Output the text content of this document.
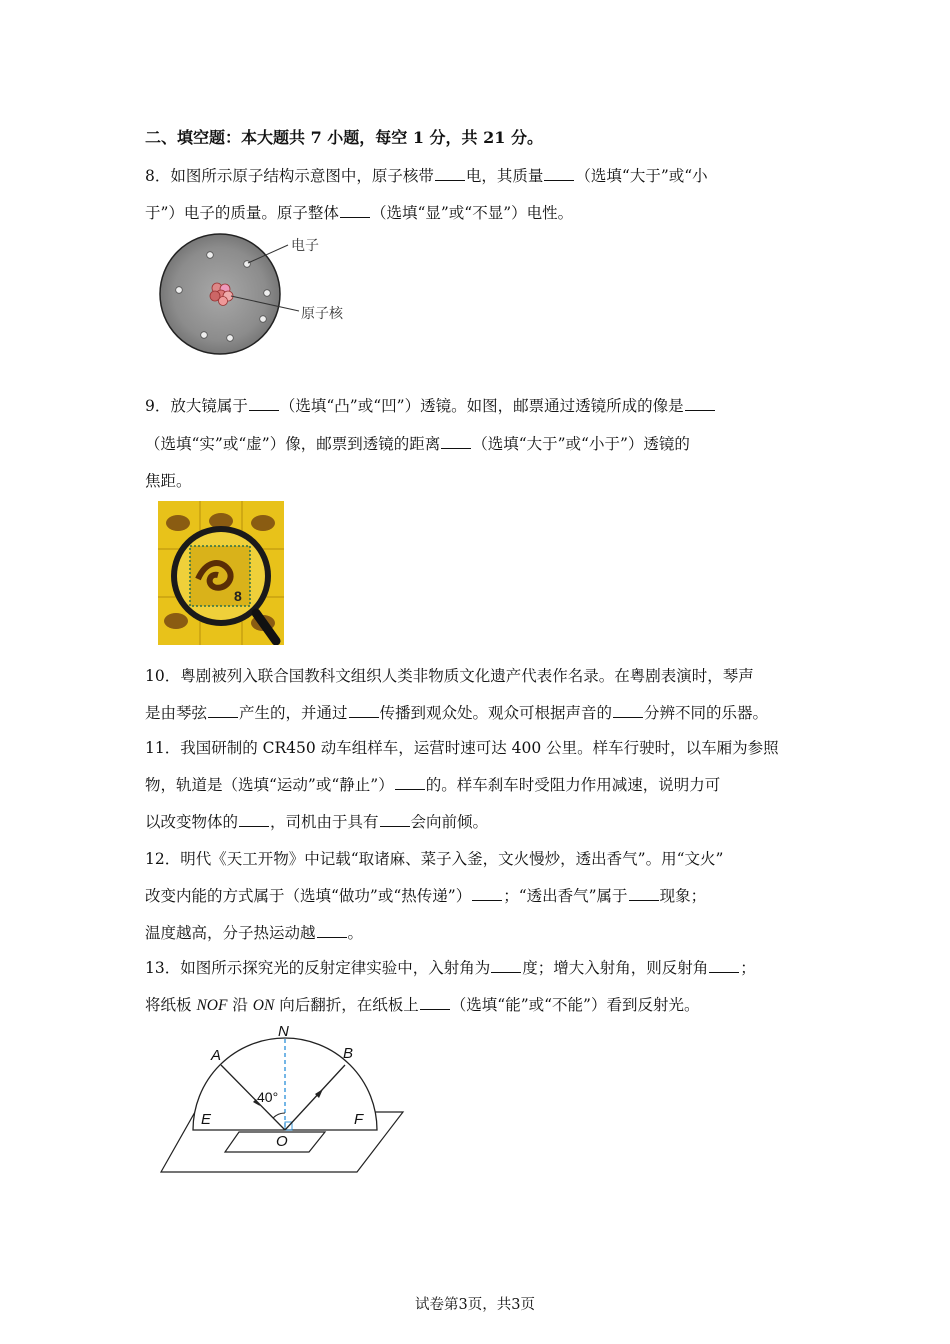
二、填空题：本大题共 7 小题，每空 1 分，共 21 分。
8．如图所示原子结构示意图中，原子核带 电，其质量 （选填“大于”或“小
于”）电子的质量。原子整体 （选填“显”或“不显”）电性。
电子
原子核
9．放大镜属于 （选填“凸”或“凹”）透镜。如图，邮票通过透镜所成的像是
（选填“实”或“虚”）像，邮票到透镜的距离 （选填“大于”或“小于”）透镜的
焦距。
8
10．粤剧被列入联合国教科文组织人类非物质文化遗产代表作名录。在粤剧表演时，琴声
是由琴弦 产生的，并通过 传播到观众处。观众可根据声音的 分辨不同的乐器。
11．我国研制的 CR450 动车组样车，运营时速可达 400 公里。样车行驶时，以车厢为参照
物，轨道是（选填“运动”或“静止”） 的。样车刹车时受阻力作用减速，说明力可
以改变物体的 ，司机由于具有 会向前倾。
12．明代《天工开物》中记载“取诸麻、菜子入釜，文火慢炒，透出香气”。用“文火”
改变内能的方式属于（选填“做功”或“热传递”） ；“透出香气”属于 现象；
温度越高，分子热运动越 。
13．如图所示探究光的反射定律实验中，入射角为 度；增大入射角，则反射角 ；
将纸板 NOF 沿 ON 向后翻折，在纸板上 （选填“能”或“不能”）看到反射光。
40°
N
A	B
E	F
O
试卷第3页，共3页
